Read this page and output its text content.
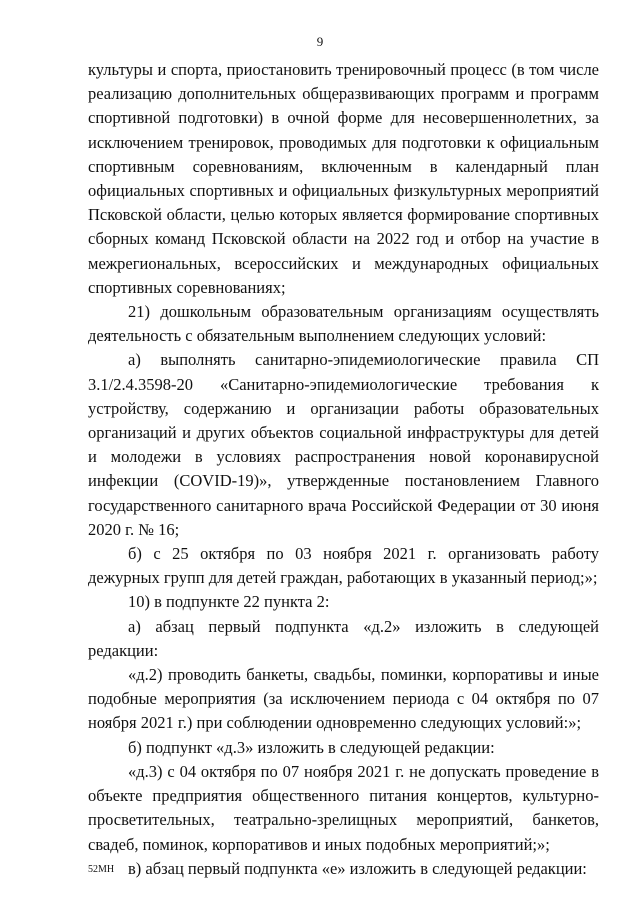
9

культуры и спорта, приостановить тренировочный процесс (в том числе реализацию дополнительных общеразвивающих программ и программ спортивной подготовки) в очной форме для несовершеннолетних, за исключением тренировок, проводимых для подготовки к официальным спортивным соревнованиям, включенным в календарный план официальных спортивных и официальных физкультурных мероприятий Псковской области, целью которых является формирование спортивных сборных команд Псковской области на 2022 год и отбор на участие в межрегиональных, всероссийских и международных официальных спортивных соревнованиях;

21) дошкольным образовательным организациям осуществлять деятельность с обязательным выполнением следующих условий:

а) выполнять санитарно-эпидемиологические правила СП 3.1/2.4.3598-20 «Санитарно-эпидемиологические требования к устройству, содержанию и организации работы образовательных организаций и других объектов социальной инфраструктуры для детей и молодежи в условиях распространения новой коронавирусной инфекции (COVID-19)», утвержденные постановлением Главного государственного санитарного врача Российской Федерации от 30 июня 2020 г. № 16;

б) с 25 октября по 03 ноября 2021 г. организовать работу дежурных групп для детей граждан, работающих в указанный период;»;

10) в подпункте 22 пункта 2:

а) абзац первый подпункта «д.2» изложить в следующей редакции:

«д.2) проводить банкеты, свадьбы, поминки, корпоративы и иные подобные мероприятия (за исключением периода с 04 октября по 07 ноября 2021 г.) при соблюдении одновременно следующих условий:»;

б) подпункт «д.3» изложить в следующей редакции:

«д.3) с 04 октября по 07 ноября 2021 г. не допускать проведение в объекте предприятия общественного питания концертов, культурно-просветительных, театрально-зрелищных мероприятий, банкетов, свадеб, поминок, корпоративов и иных подобных мероприятий;»;

в) абзац первый подпункта «е» изложить в следующей редакции:

52МН
